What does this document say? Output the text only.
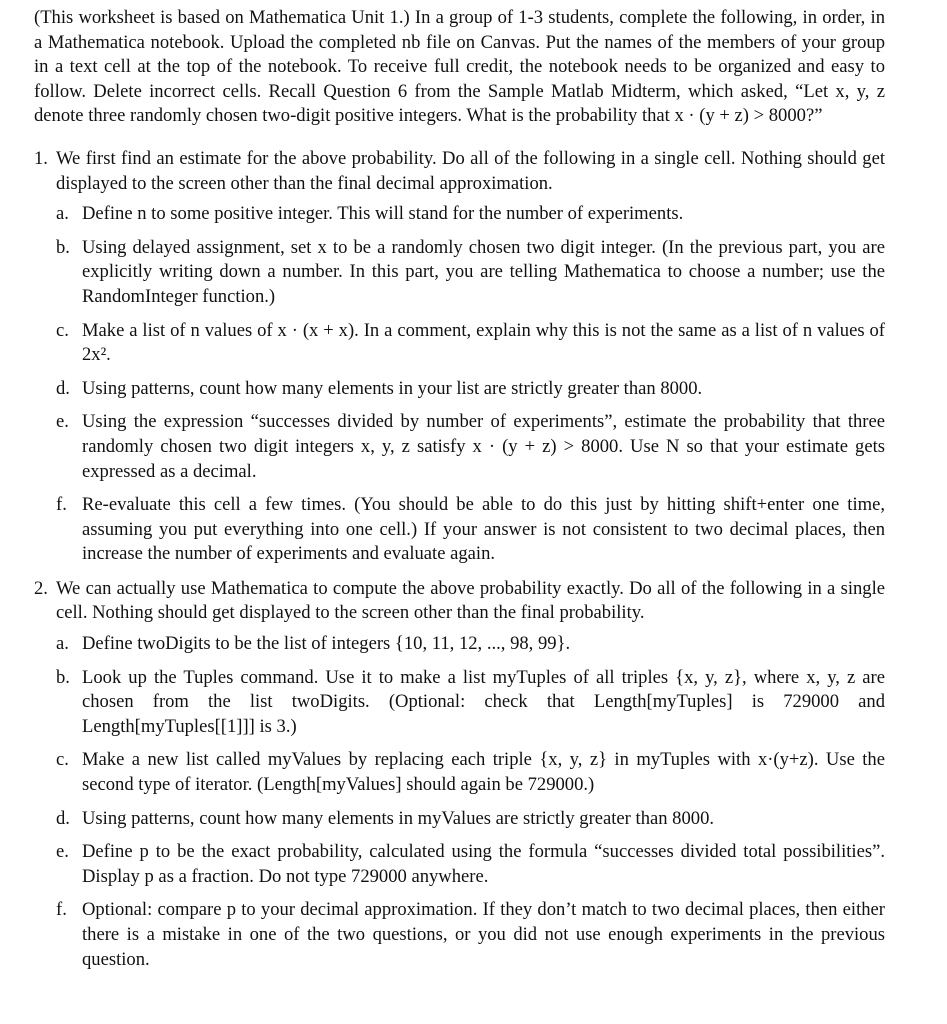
(This worksheet is based on Mathematica Unit 1.) In a group of 1-3 students, complete the following, in order, in a Mathematica notebook. Upload the completed nb file on Canvas. Put the names of the members of your group in a text cell at the top of the notebook. To receive full credit, the notebook needs to be organized and easy to follow. Delete incorrect cells. Recall Question 6 from the Sample Matlab Midterm, which asked, “Let x, y, z denote three randomly chosen two-digit positive integers. What is the probability that x · (y + z) > 8000?”

1. We first find an estimate for the above probability. Do all of the following in a single cell. Nothing should get displayed to the screen other than the final decimal approximation.

a. Define n to some positive integer. This will stand for the number of experiments.
b. Using delayed assignment, set x to be a randomly chosen two digit integer. (In the previous part, you are explicitly writing down a number. In this part, you are telling Mathematica to choose a number; use the RandomInteger function.)
c. Make a list of n values of x · (x + x). In a comment, explain why this is not the same as a list of n values of 2x².
d. Using patterns, count how many elements in your list are strictly greater than 8000.
e. Using the expression “successes divided by number of experiments”, estimate the probability that three randomly chosen two digit integers x, y, z satisfy x · (y + z) > 8000. Use N so that your estimate gets expressed as a decimal.
f. Re-evaluate this cell a few times. (You should be able to do this just by hitting shift+enter one time, assuming you put everything into one cell.) If your answer is not consistent to two decimal places, then increase the number of experiments and evaluate again.
2. We can actually use Mathematica to compute the above probability exactly. Do all of the following in a single cell. Nothing should get displayed to the screen other than the final probability.

a. Define twoDigits to be the list of integers {10, 11, 12, ..., 98, 99}.
b. Look up the Tuples command. Use it to make a list myTuples of all triples {x, y, z}, where x, y, z are chosen from the list twoDigits. (Optional: check that Length[myTuples] is 729000 and Length[myTuples[[1]]] is 3.)
c. Make a new list called myValues by replacing each triple {x, y, z} in myTuples with x·(y+z). Use the second type of iterator. (Length[myValues] should again be 729000.)
d. Using patterns, count how many elements in myValues are strictly greater than 8000.
e. Define p to be the exact probability, calculated using the formula “successes divided total possibilities”. Display p as a fraction. Do not type 729000 anywhere.
f. Optional: compare p to your decimal approximation. If they don’t match to two decimal places, then either there is a mistake in one of the two questions, or you did not use enough experiments in the previous question.
